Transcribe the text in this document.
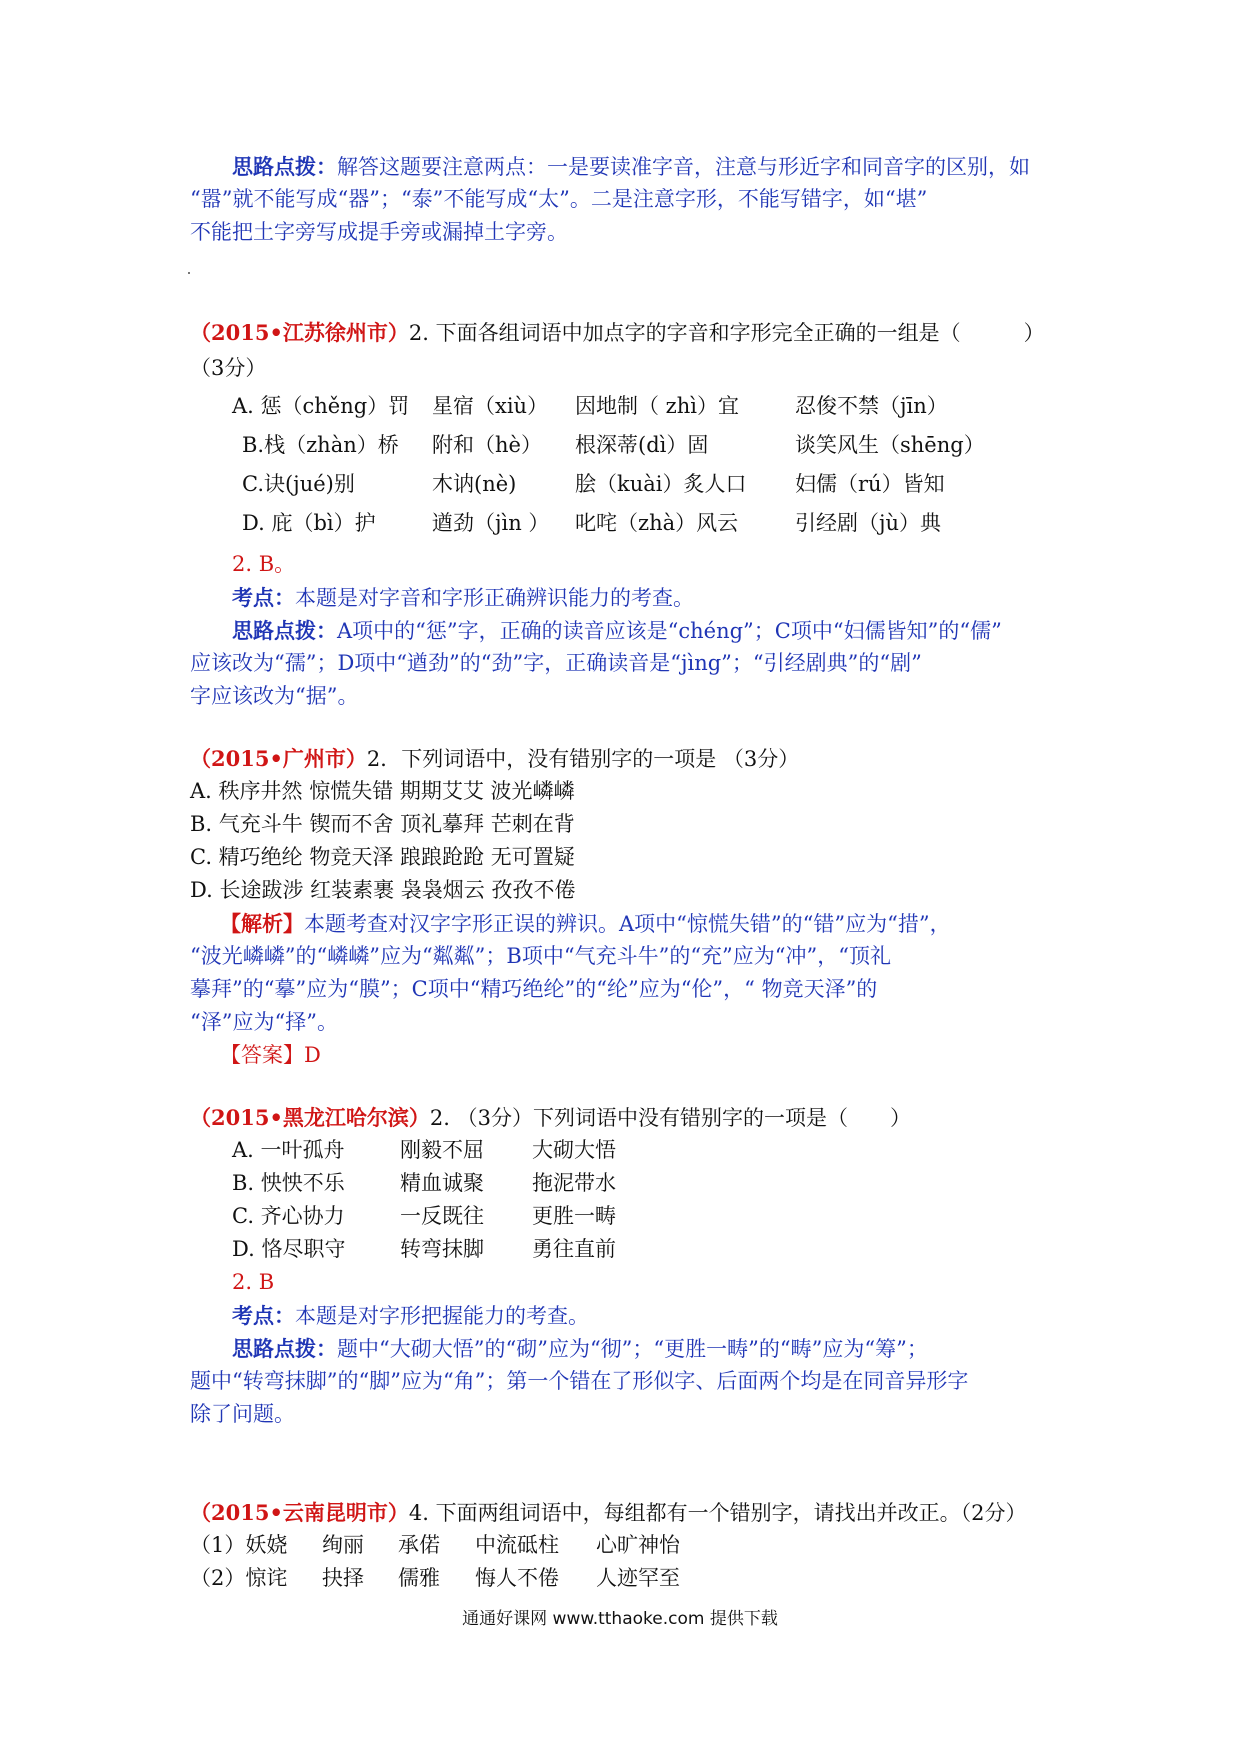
思路点拨：解答这题要注意两点：一是要读准字音，注意与形近字和同音字的区别，如
“嚣”就不能写成“器”；“泰”不能写成“太”。二是注意字形，不能写错字，如“堪”
不能把土字旁写成提手旁或漏掉土字旁。
（2015•江苏徐州市）2. 下面各组词语中加点字的字音和字形完全正确的一组是（　　　）
（3分）
A. 惩（chěng）罚 星宿（xiù） 因地制（ zhì）宜	忍俊不禁（jīn）
B.栈（zhàn）桥 附和（hè） 根深蒂(dì）固	谈笑风生（shēng）
C.诀(jué)别	木讷(nè)	脍（kuài）炙人口 妇儒（rú）皆知
D. 庇（bì）护	遒劲（jìn ） 叱咤（zhà）风云	引经剧（jù）典
2. B。
考点：本题是对字音和字形正确辨识能力的考查。
思路点拨：A项中的“惩”字，正确的读音应该是“chéng”；C项中“妇儒皆知”的“儒”
应该改为“孺”；D项中“遒劲”的“劲”字，正确读音是“jìng”；“引经剧典”的“剧”
字应该改为“据”。
（2015•广州市）2．下列词语中，没有错别字的一项是 （3分）
A. 秩序井然 惊慌失错 期期艾艾 波光嶙嶙
B. 气充斗牛 锲而不舍 顶礼摹拜 芒刺在背
C. 精巧绝纶 物竞天泽 踉踉跄跄 无可置疑
D. 长途跋涉 红装素裹 袅袅烟云 孜孜不倦
【解析】本题考查对汉字字形正误的辨识。A项中“惊慌失错”的“错”应为“措”，
“波光嶙嶙”的“嶙嶙”应为“粼粼”；B项中“气充斗牛”的“充”应为“冲”，“顶礼
摹拜”的“摹”应为“膜”；C项中“精巧绝纶”的“纶”应为“伦”，“ 物竞天泽”的
“泽”应为“择”。
【答案】D
（2015•黑龙江哈尔滨）2. （3分）下列词语中没有错别字的一项是（　　）
A. 一叶孤舟	刚毅不屈 大砌大悟
B. 怏怏不乐	精血诚聚 拖泥带水
C. 齐心协力	一反既往 更胜一畴
D. 恪尽职守	转弯抹脚 勇往直前
2. B
考点：本题是对字形把握能力的考查。
思路点拨：题中“大砌大悟”的“砌”应为“彻”；“更胜一畴”的“畴”应为“筹”；
题中“转弯抹脚”的“脚”应为“角”；第一个错在了形似字、后面两个均是在同音异形字
除了问题。
（2015•云南昆明市）4. 下面两组词语中，每组都有一个错别字，请找出并改正。（2分）
（1）妖娆 绚丽 承偌 中流砥柱 心旷神怡
（2）惊诧 抉择 儒雅 悔人不倦 人迹罕至
通通好课网 www.tthaoke.com 提供下载
